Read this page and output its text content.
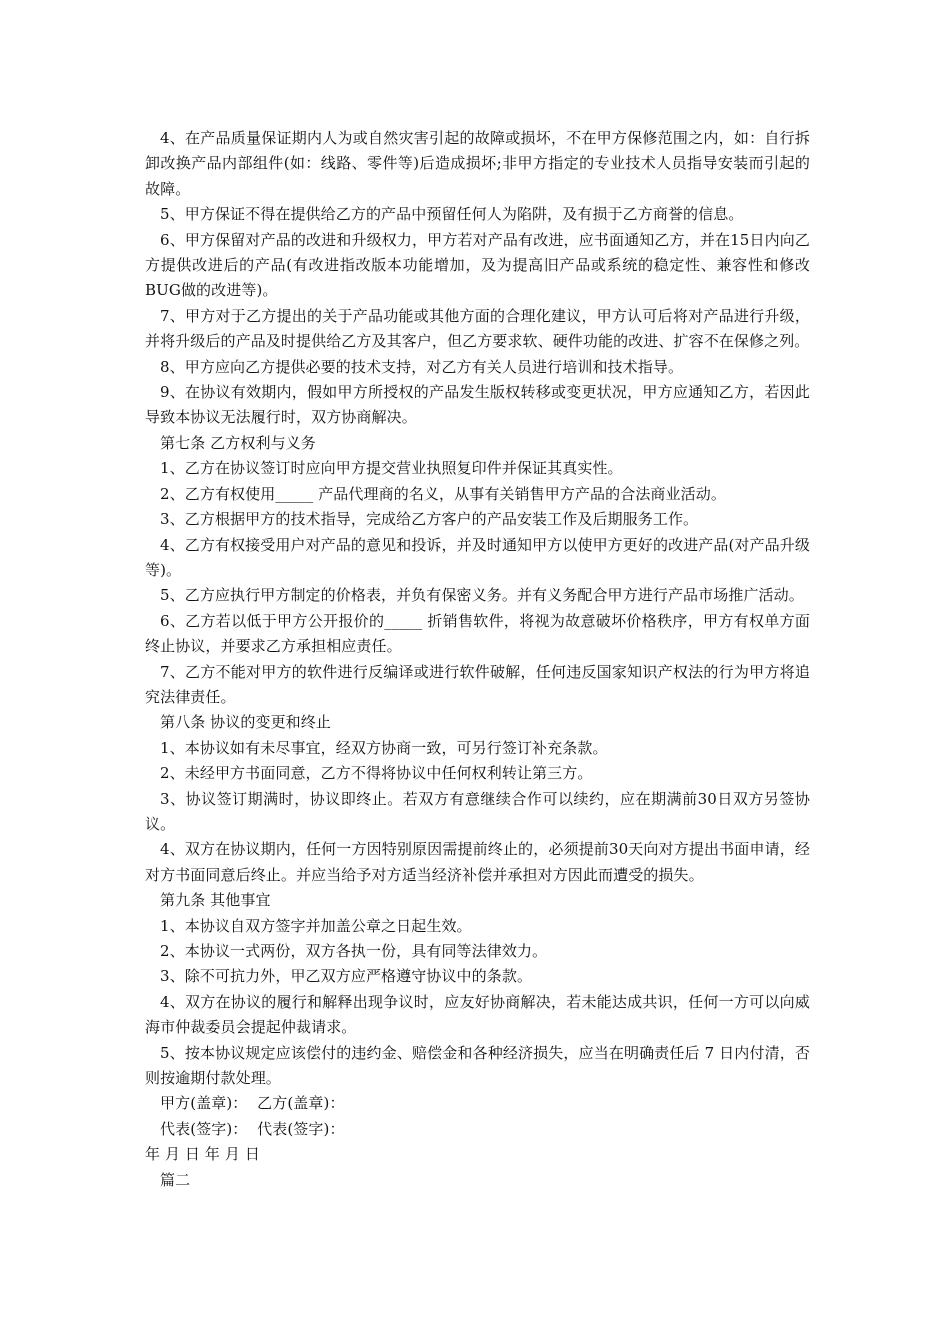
4、在产品质量保证期内人为或自然灾害引起的故障或损坏，不在甲方保修范围之内，如：自行拆卸改换产品内部组件(如：线路、零件等)后造成损坏;非甲方指定的专业技术人员指导安装而引起的故障。

5、甲方保证不得在提供给乙方的产品中预留任何人为陷阱，及有损于乙方商誉的信息。

6、甲方保留对产品的改进和升级权力，甲方若对产品有改进，应书面通知乙方，并在15日内向乙方提供改进后的产品(有改进指改版本功能增加，及为提高旧产品或系统的稳定性、兼容性和修改BUG做的改进等)。

7、甲方对于乙方提出的关于产品功能或其他方面的合理化建议，甲方认可后将对产品进行升级，并将升级后的产品及时提供给乙方及其客户，但乙方要求软、硬件功能的改进、扩容不在保修之列。

8、甲方应向乙方提供必要的技术支持，对乙方有关人员进行培训和技术指导。

9、在协议有效期内，假如甲方所授权的产品发生版权转移或变更状况，甲方应通知乙方，若因此导致本协议无法履行时，双方协商解决。

第七条 乙方权利与义务

1、乙方在协议签订时应向甲方提交营业执照复印件并保证其真实性。

2、乙方有权使用_____ 产品代理商的名义，从事有关销售甲方产品的合法商业活动。

3、乙方根据甲方的技术指导，完成给乙方客户的产品安装工作及后期服务工作。

4、乙方有权接受用户对产品的意见和投诉，并及时通知甲方以使甲方更好的改进产品(对产品升级等)。

5、乙方应执行甲方制定的价格表，并负有保密义务。并有义务配合甲方进行产品市场推广活动。

6、乙方若以低于甲方公开报价的_____ 折销售软件，将视为故意破坏价格秩序，甲方有权单方面终止协议，并要求乙方承担相应责任。

7、乙方不能对甲方的软件进行反编译或进行软件破解，任何违反国家知识产权法的行为甲方将追究法律责任。

第八条 协议的变更和终止

1、本协议如有未尽事宜，经双方协商一致，可另行签订补充条款。

2、未经甲方书面同意，乙方不得将协议中任何权利转让第三方。

3、协议签订期满时，协议即终止。若双方有意继续合作可以续约，应在期满前30日双方另签协议。

4、双方在协议期内，任何一方因特别原因需提前终止的，必须提前30天向对方提出书面申请，经对方书面同意后终止。并应当给予对方适当经济补偿并承担对方因此而遭受的损失。

第九条 其他事宜

1、本协议自双方签字并加盖公章之日起生效。

2、本协议一式两份，双方各执一份，具有同等法律效力。

3、除不可抗力外，甲乙双方应严格遵守协议中的条款。

4、双方在协议的履行和解释出现争议时，应友好协商解决，若未能达成共识，任何一方可以向威海市仲裁委员会提起仲裁请求。

5、按本协议规定应该偿付的违约金、赔偿金和各种经济损失，应当在明确责任后 7 日内付清，否则按逾期付款处理。

甲方(盖章)：  乙方(盖章)：

代表(签字)：  代表(签字)：

年 月 日 年 月 日

篇二
